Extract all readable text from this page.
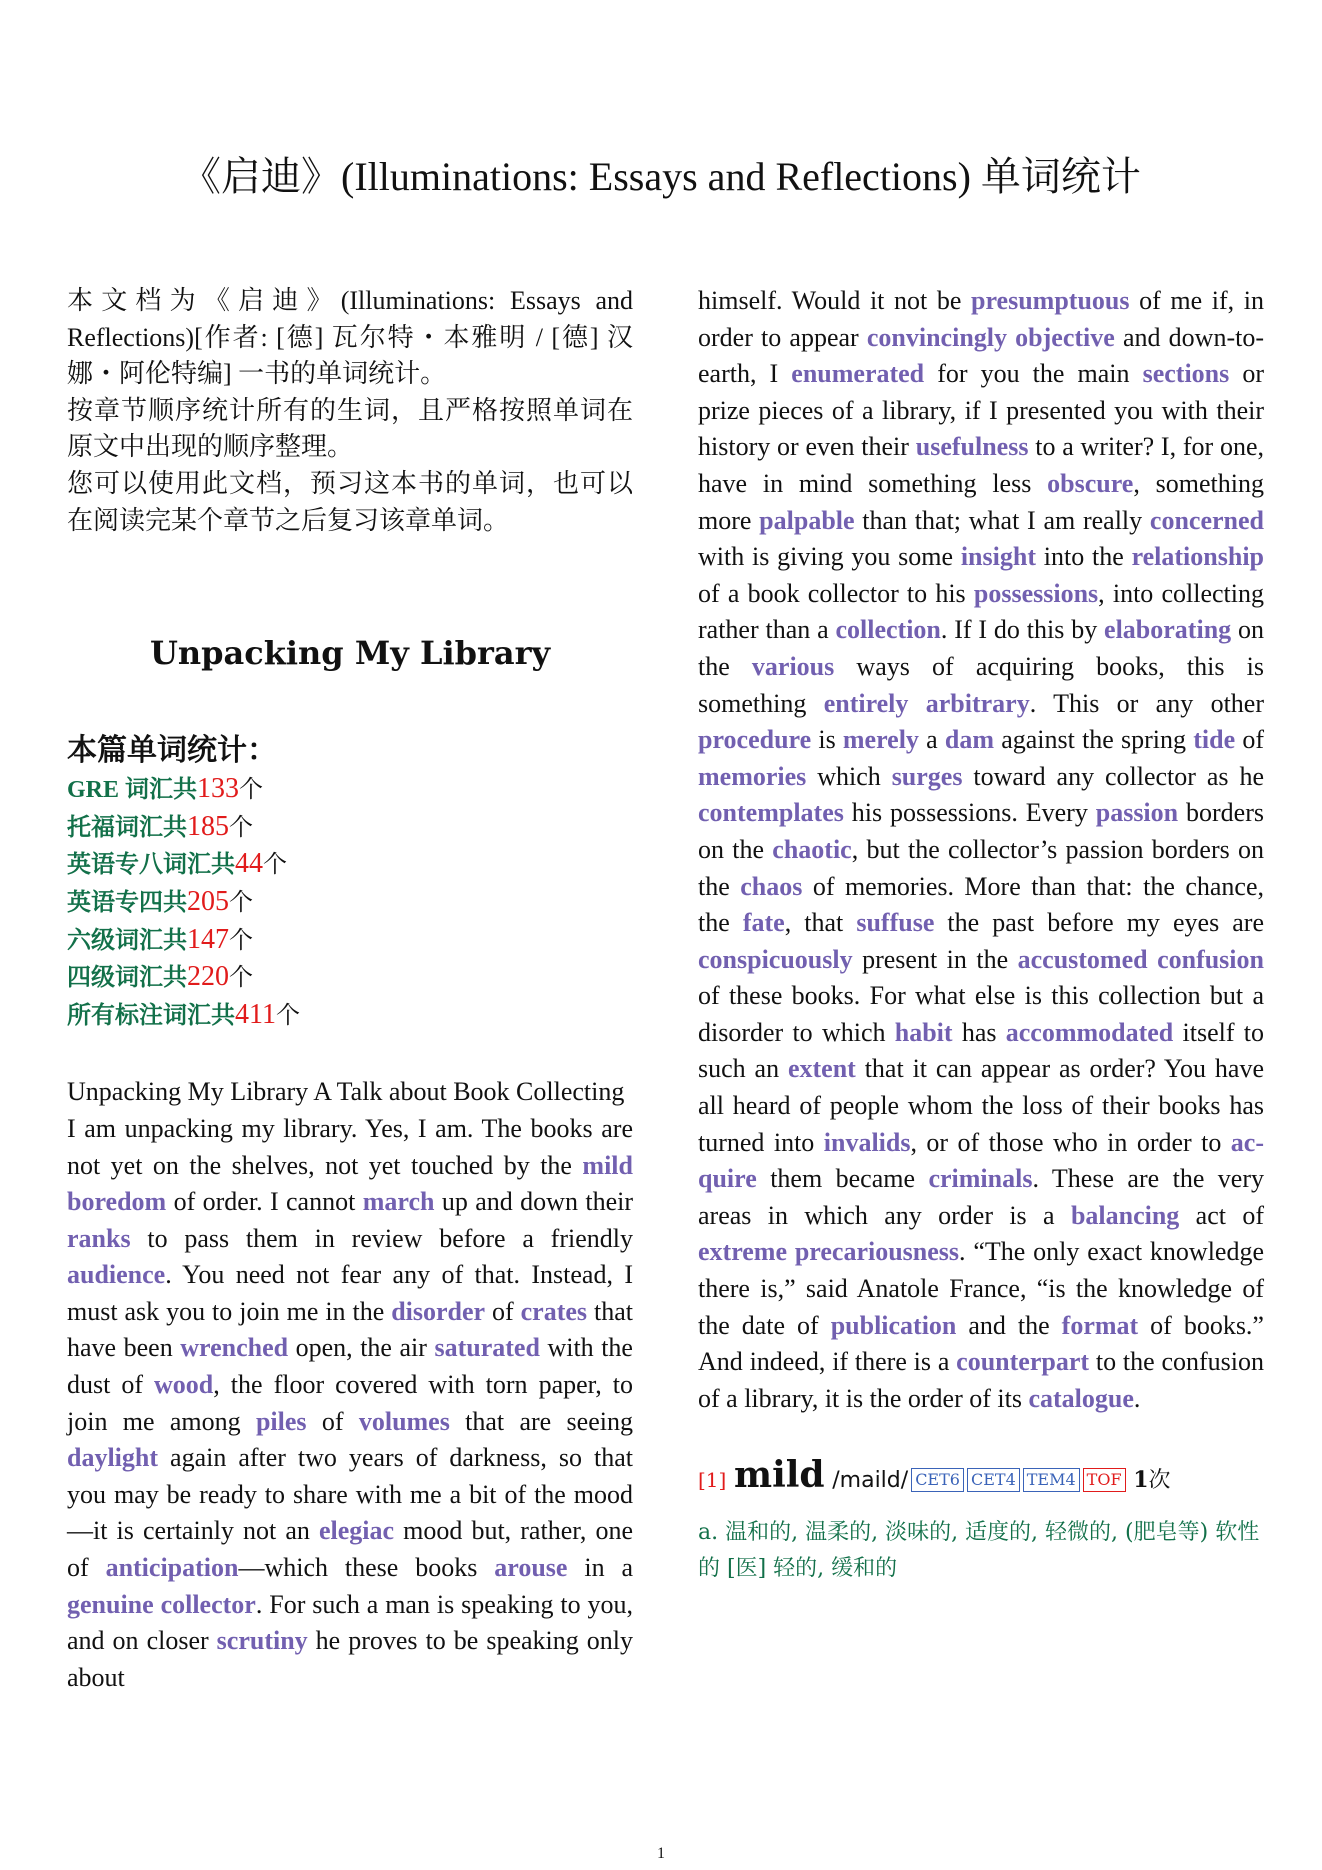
《启迪》(Illuminations: Essays and Reflections) 单词统计

本文档为《启迪》(Illuminations: Essays and Reflections)[作者: [德] 瓦尔特・本雅明 / [德] 汉娜・阿伦特编] 一书的单词统计。

按章节顺序统计所有的生词，且严格按照单词在原文中出现的顺序整理。

您可以使用此文档，预习这本书的单词，也可以在阅读完某个章节之后复习该章单词。

Unpacking My Library
本篇单词统计：
GRE 词汇共133个
托福词汇共185个
英语专八词汇共44个
英语专四共205个
六级词汇共147个
四级词汇共220个
所有标注词汇共411个
Unpacking My Library A Talk about Book Collecting
I am unpacking my library. Yes, I am. The books are not yet on the shelves, not yet touched by the mild boredom of order. I cannot march up and down their ranks to pass them in review before a friendly audience. You need not fear any of that. Instead, I must ask you to join me in the disorder of crates that have been wrenched open, the air saturated with the dust of wood, the floor covered with torn paper, to join me among piles of volumes that are seeing daylight again after two years of darkness, so that you may be ready to share with me a bit of the mood—it is certainly not an elegiac mood but, rather, one of anticipation—which these books arouse in a genuine collector. For such a man is speaking to you, and on closer scrutiny he proves to be speaking only about
himself. Would it not be presumptuous of me if, in order to appear convincingly objective and down-to-earth, I enumerated for you the main sections or prize pieces of a library, if I presented you with their history or even their usefulness to a writer? I, for one, have in mind something less obscure, something more palpable than that; what I am really concerned with is giving you some insight into the relationship of a book collector to his possessions, into collecting rather than a collection. If I do this by elaborating on the various ways of acquiring books, this is something entirely arbitrary. This or any other procedure is merely a dam against the spring tide of memories which surges toward any collector as he contemplates his possessions. Every passion borders on the chaotic, but the collector’s passion borders on the chaos of memories. More than that: the chance, the fate, that suffuse the past before my eyes are conspicuously present in the accustomed confusion of these books. For what else is this collection but a disorder to which habit has accommodated itself to such an extent that it can appear as order? You have all heard of people whom the loss of their books has turned into invalids, or of those who in order to acquire them became criminals. These are the very areas in which any order is a balancing act of extreme precariousness. “The only exact knowledge there is,” said Anatole France, “is the knowledge of the date of publication and the format of books.” And indeed, if there is a counterpart to the confusion of a library, it is the order of its catalogue.
[1] mild /maild/ CET6 CET4 TEM4 TOF 1次
a. 温和的, 温柔的, 淡味的, 适度的, 轻微的, (肥皂等) 软性的 [医] 轻的, 缓和的
1
